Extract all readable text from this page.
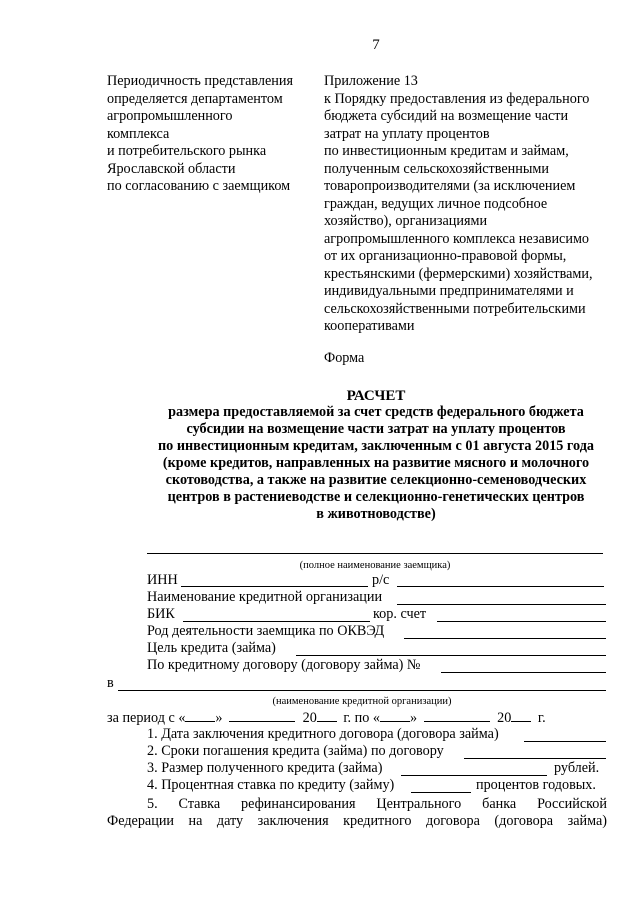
7
Периодичность представления
определяется департаментом
агропромышленного
комплекса
и потребительского рынка
Ярославской области
по согласованию с заемщиком
Приложение 13
к Порядку предоставления из федерального
бюджета субсидий на возмещение части
затрат на уплату процентов
по инвестиционным кредитам и займам,
полученным сельскохозяйственными
товаропроизводителями (за исключением
граждан, ведущих личное подсобное
хозяйство), организациями
агропромышленного комплекса независимо
от их организационно-правовой формы,
крестьянскими (фермерскими) хозяйствами,
индивидуальными предпринимателями и
сельскохозяйственными потребительскими
кооперативами
Форма
РАСЧЕТ
размера предоставляемой за счет средств федерального бюджета
субсидии на возмещение части затрат на уплату процентов
по инвестиционным кредитам, заключенным с 01 августа 2015 года
(кроме кредитов, направленных на развитие мясного и молочного
скотоводства, а также на развитие селекционно-семеноводческих
центров в растениеводстве и селекционно-генетических центров
в животноводстве)
(полное наименование заемщика)
ИНН	р/с
Наименование кредитной организации
БИК	кор. счет
Род деятельности заемщика по ОКВЭД
Цель кредита (займа)
По кредитному договору (договору займа) №
в
(наименование кредитной организации)
за период с « »	20 г. по « »	20 г.
1. Дата заключения кредитного договора (договора займа)
2. Сроки погашения кредита (займа) по договору
3. Размер полученного кредита (займа)	рублей.
4. Процентная ставка по кредиту (займу)	процентов годовых.
5. Ставка рефинансирования Центрального банка Российской
Федерации на дату заключения кредитного договора (договора займа)
